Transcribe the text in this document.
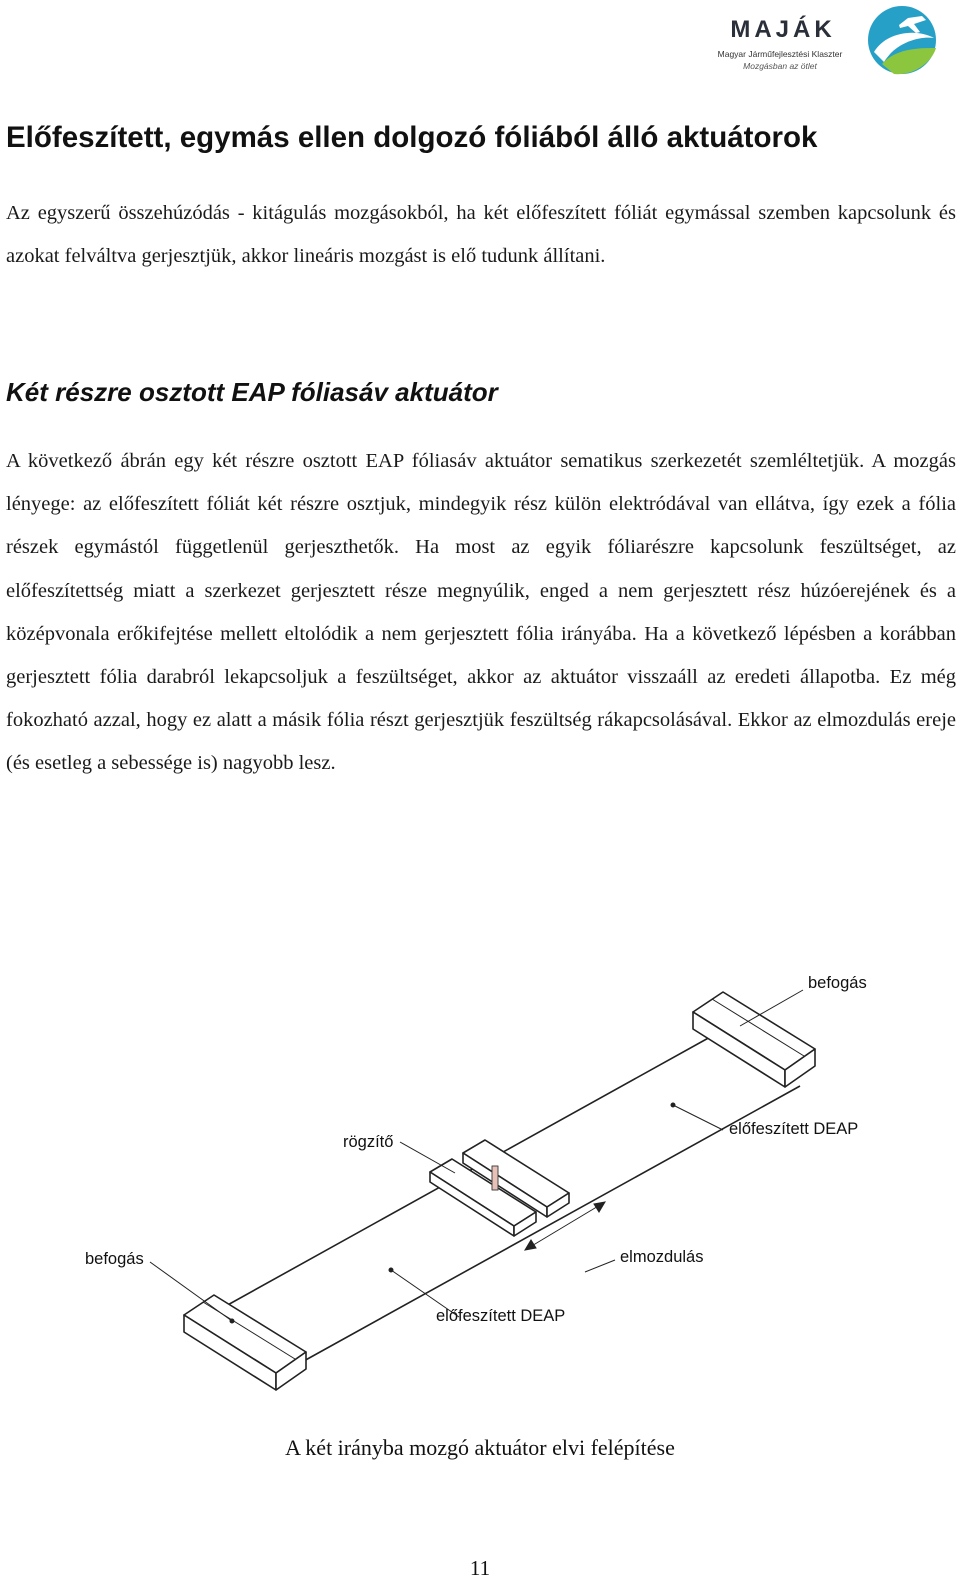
MAJÁK
Magyar Járműfejlesztési Klaszter
Mozgásban az ötlet
Előfeszített, egymás ellen dolgozó fóliából álló aktuátorok

Az egyszerű összehúzódás - kitágulás mozgásokból, ha két előfeszített fóliát egymással szemben kapcsolunk és azokat felváltva gerjesztjük, akkor lineáris mozgást is elő tudunk állítani.

Két részre osztott EAP fóliasáv aktuátor

A következő ábrán egy két részre osztott EAP fóliasáv aktuátor sematikus szerkezetét szemléltetjük. A mozgás lényege: az előfeszített fóliát két részre osztjuk, mindegyik rész külön elektródával van ellátva, így ezek a fólia részek egymástól függetlenül gerjeszthetők. Ha most az egyik fóliarészre kapcsolunk feszültséget, az előfeszítettség miatt a szerkezet gerjesztett része megnyúlik, enged a nem gerjesztett rész húzóerejének és a középvonala erőkifejtése mellett eltolódik a nem gerjesztett fólia irányába. Ha a következő lépésben a korábban gerjesztett fólia darabról lekapcsoljuk a feszültséget, akkor az aktuátor visszaáll az eredeti állapotba. Ez még fokozható azzal, hogy ez alatt a másik fólia részt gerjesztjük feszültség rákapcsolásával. Ekkor az elmozdulás ereje (és esetleg a sebessége is) nagyobb lesz.

befogás
előfeszített DEAP
rögzítő
befogás	elmozdulás
előfeszített DEAP
A két irányba mozgó aktuátor elvi felépítése
11
